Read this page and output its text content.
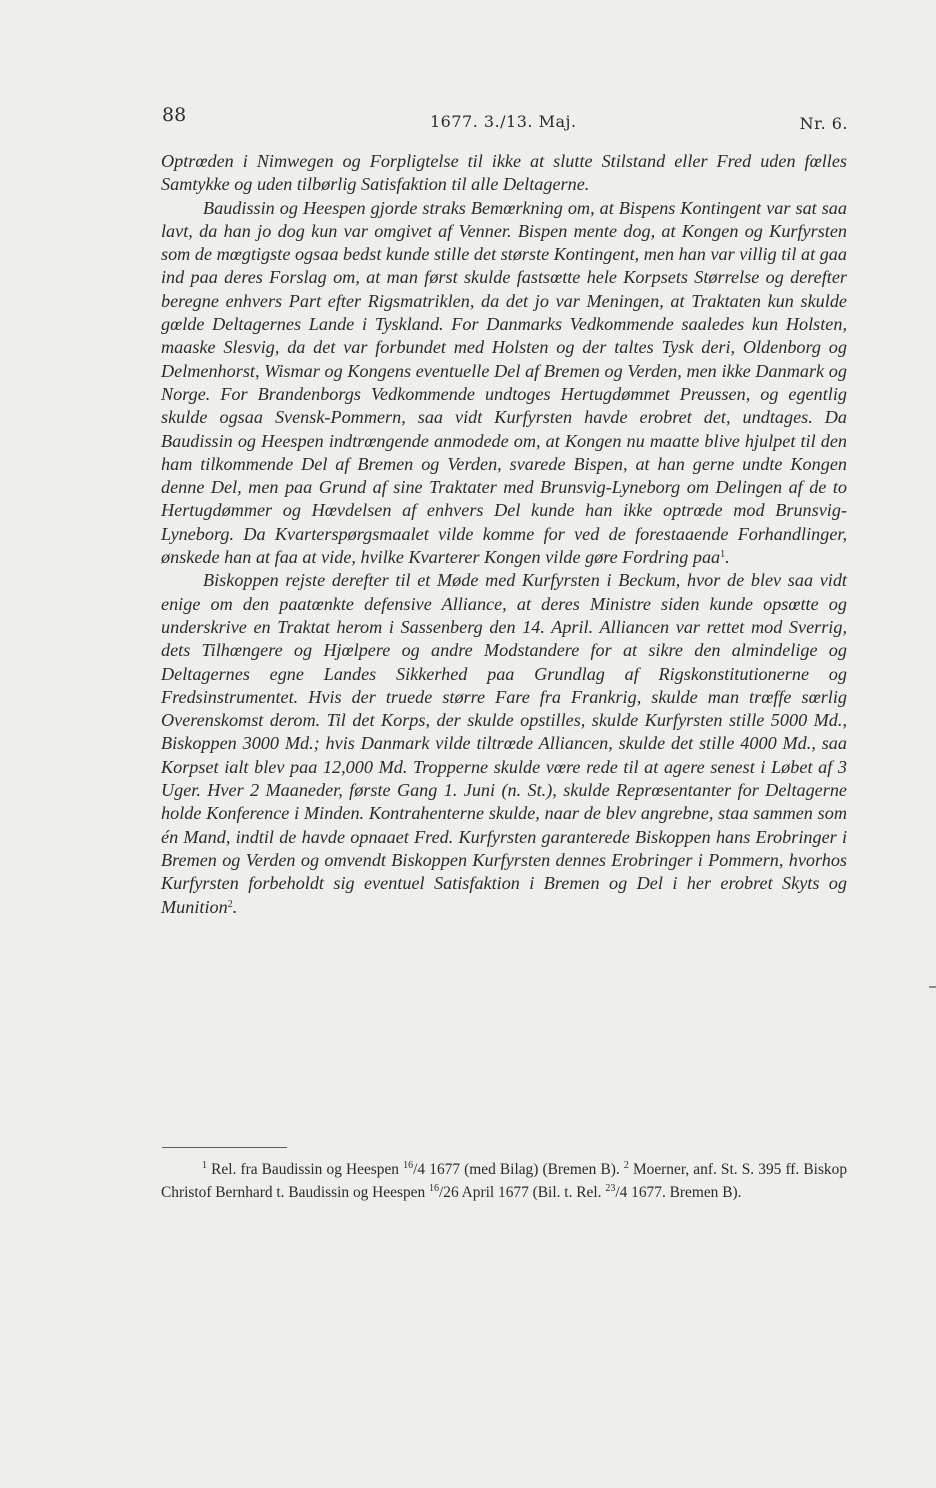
88	1677. 3./13. Maj.	Nr. 6.

Optrœden i Nimwegen og Forpligtelse til ikke at slutte Stilstand eller Fred uden fœlles Samtykke og uden tilbørlig Satisfaktion til alle Deltagerne.

Baudissin og Heespen gjorde straks Bemœrkning om, at Bispens Kontingent var sat saa lavt, da han jo dog kun var omgivet af Venner. Bispen mente dog, at Kongen og Kurfyrsten som de mœgtigste ogsaa bedst kunde stille det største Kontingent, men han var villig til at gaa ind paa deres Forslag om, at man først skulde fastsœtte hele Korpsets Størrelse og derefter beregne enhvers Part efter Rigsmatriklen, da det jo var Meningen, at Traktaten kun skulde gœlde Deltagernes Lande i Tyskland. For Danmarks Vedkommende saaledes kun Holsten, maaske Slesvig, da det var forbundet med Holsten og der taltes Tysk deri, Oldenborg og Delmenhorst, Wismar og Kongens eventuelle Del af Bremen og Verden, men ikke Danmark og Norge. For Brandenborgs Vedkommende undtoges Hertugdømmet Preussen, og egentlig skulde ogsaa Svensk-Pommern, saa vidt Kurfyrsten havde erobret det, undtages. Da Baudissin og Heespen indtrœngende anmodede om, at Kongen nu maatte blive hjulpet til den ham tilkommende Del af Bremen og Verden, svarede Bispen, at han gerne undte Kongen denne Del, men paa Grund af sine Traktater med Brunsvig-Lyneborg om Delingen af de to Hertugdømmer og Hœvdelsen af enhvers Del kunde han ikke optrœde mod Brunsvig-Lyneborg. Da Kvarterspørgsmaalet vilde komme for ved de forestaaende Forhandlinger, ønskede han at faa at vide, hvilke Kvarterer Kongen vilde gøre Fordring paa$^1$.

Biskoppen rejste derefter til et Møde med Kurfyrsten i Beckum, hvor de blev saa vidt enige om den paatœnkte defensive Alliance, at deres Ministre siden kunde opsœtte og underskrive en Traktat herom i Sassenberg den 14. April. Alliancen var rettet mod Sverrig, dets Tilhœngere og Hjœlpere og andre Modstandere for at sikre den almindelige og Deltagernes egne Landes Sikkerhed paa Grundlag af Rigskonstitutionerne og Fredsinstrumentet. Hvis der truede større Fare fra Frankrig, skulde man trœffe sœrlig Overenskomst derom. Til det Korps, der skulde opstilles, skulde Kurfyrsten stille 5000 Md., Biskoppen 3000 Md.; hvis Danmark vilde tiltrœde Alliancen, skulde det stille 4000 Md., saa Korpset ialt blev paa 12,000 Md. Tropperne skulde vœre rede til at agere senest i Løbet af 3 Uger. Hver 2 Maaneder, første Gang 1. Juni (n. St.), skulde Reprœsentanter for Deltagerne holde Konference i Minden. Kontrahenterne skulde, naar de blev angrebne, staa sammen som én Mand, indtil de havde opnaaet Fred. Kurfyrsten garanterede Biskoppen hans Erobringer i Bremen og Verden og omvendt Biskoppen Kurfyrsten dennes Erobringer i Pommern, hvorhos Kurfyrsten forbeholdt sig eventuel Satisfaktion i Bremen og Del i her erobret Skyts og Munition$^2$.

$^1$ Rel. fra Baudissin og Heespen $^{16}$/4 1677 (med Bilag) (Bremen B). $^2$ Moerner, anf. St. S. 395 ff. Biskop Christof Bernhard t. Baudissin og Heespen $^{16}$/26 April 1677 (Bil. t. Rel. $^{23}$/4 1677. Bremen B).
